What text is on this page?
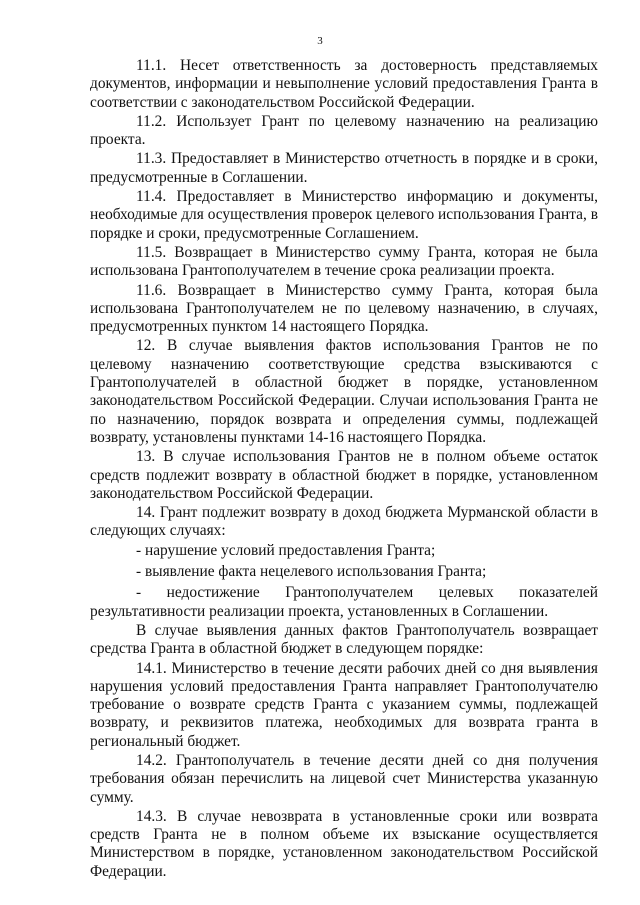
3

11.1. Несет ответственность за достоверность представляемых документов, информации и невыполнение условий предоставления Гранта в соответствии с законодательством Российской Федерации.

11.2. Использует Грант по целевому назначению на реализацию проекта.

11.3. Предоставляет в Министерство отчетность в порядке и в сроки, предусмотренные в Соглашении.

11.4. Предоставляет в Министерство информацию и документы, необходимые для осуществления проверок целевого использования Гранта, в порядке и сроки, предусмотренные Соглашением.

11.5. Возвращает в Министерство сумму Гранта, которая не была использована Грантополучателем в течение срока реализации проекта.

11.6. Возвращает в Министерство сумму Гранта, которая была использована Грантополучателем не по целевому назначению, в случаях, предусмотренных пунктом 14 настоящего Порядка.

12. В случае выявления фактов использования Грантов не по целевому назначению соответствующие средства взыскиваются с Грантополучателей в областной бюджет в порядке, установленном законодательством Российской Федерации. Случаи использования Гранта не по назначению, порядок возврата и определения суммы, подлежащей возврату, установлены пунктами 14-16 настоящего Порядка.

13. В случае использования Грантов не в полном объеме остаток средств подлежит возврату в областной бюджет в порядке, установленном законодательством Российской Федерации.

14. Грант подлежит возврату в доход бюджета Мурманской области в следующих случаях:

- нарушение условий предоставления Гранта;

- выявление факта нецелевого использования Гранта;

- недостижение Грантополучателем целевых показателей результативности реализации проекта, установленных в Соглашении.

В случае выявления данных фактов Грантополучатель возвращает средства Гранта в областной бюджет в следующем порядке:

14.1. Министерство в течение десяти рабочих дней со дня выявления нарушения условий предоставления Гранта направляет Грантополучателю требование о возврате средств Гранта с указанием суммы, подлежащей возврату, и реквизитов платежа, необходимых для возврата гранта в региональный бюджет.

14.2. Грантополучатель в течение десяти дней со дня получения требования обязан перечислить на лицевой счет Министерства указанную сумму.

14.3. В случае невозврата в установленные сроки или возврата средств Гранта не в полном объеме их взыскание осуществляется Министерством в порядке, установленном законодательством Российской Федерации.
